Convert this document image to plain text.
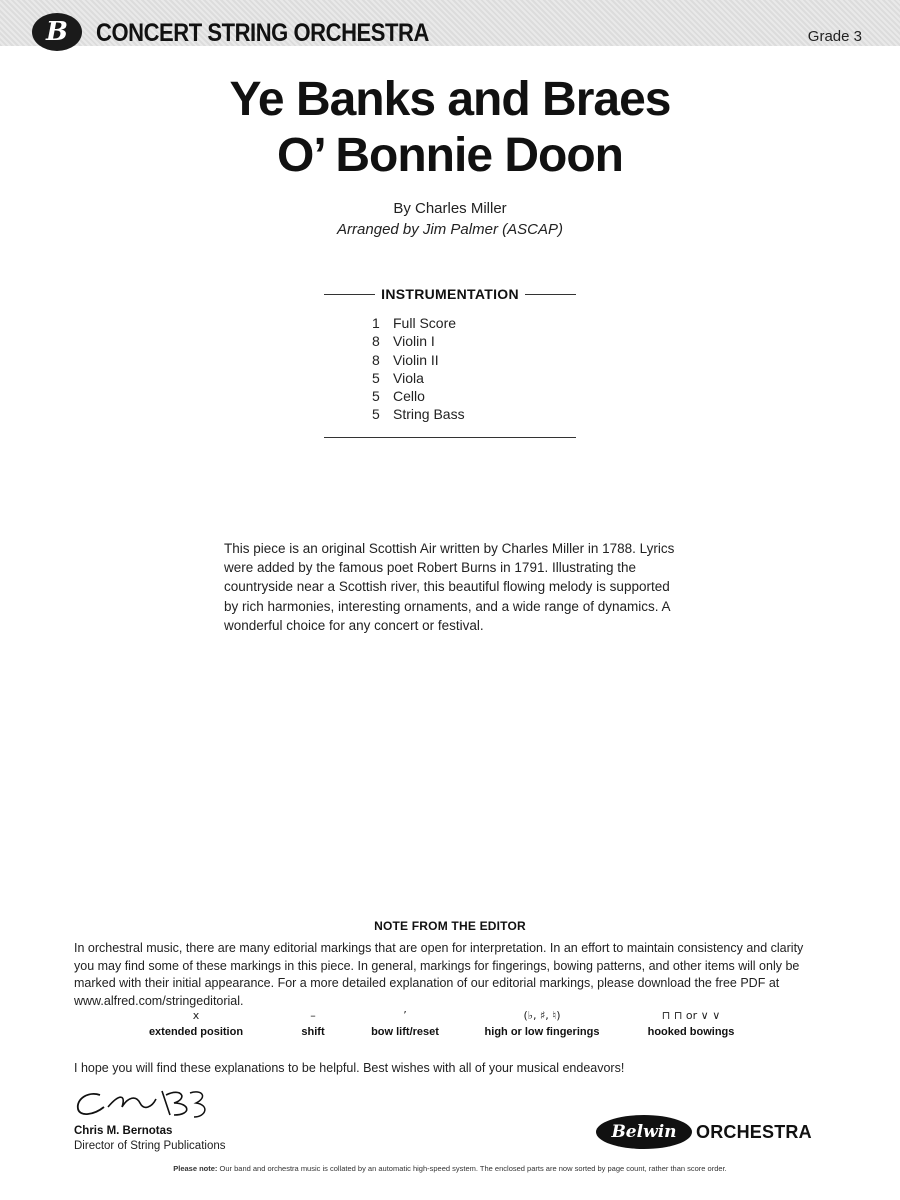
B CONCERT STRING ORCHESTRA	Grade 3
Ye Banks and Braes
O’ Bonnie Doon
By Charles Miller
Arranged by Jim Palmer (ASCAP)
INSTRUMENTATION
1 Full Score
8 Violin I
8 Violin II
5 Viola
5 Cello
5 String Bass
This piece is an original Scottish Air written by Charles Miller in 1788. Lyrics were added by the famous poet Robert Burns in 1791. Illustrating the countryside near a Scottish river, this beautiful flowing melody is supported by rich harmonies, interesting ornaments, and a wide range of dynamics. A wonderful choice for any concert or festival.
NOTE FROM THE EDITOR
In orchestral music, there are many editorial markings that are open for interpretation. In an effort to maintain consistency and clarity you may find some of these markings in this piece. In general, markings for fingerings, bowing patterns, and other items will only be marked with their initial appearance. For a more detailed explanation of our editorial markings, please download the free PDF at www.alfred.com/stringeditorial.
x
extended position
–
shift
’
bow lift/reset
(♭, ♯, ♮)
high or low fingerings
⊓ ⊓ or ∨ ∨
hooked bowings
I hope you will find these explanations to be helpful. Best wishes with all of your musical endeavors!
Chris M. Bernotas
Director of String Publications
Belwin ORCHESTRA
Please note: Our band and orchestra music is collated by an automatic high-speed system. The enclosed parts are now sorted by page count, rather than score order.
